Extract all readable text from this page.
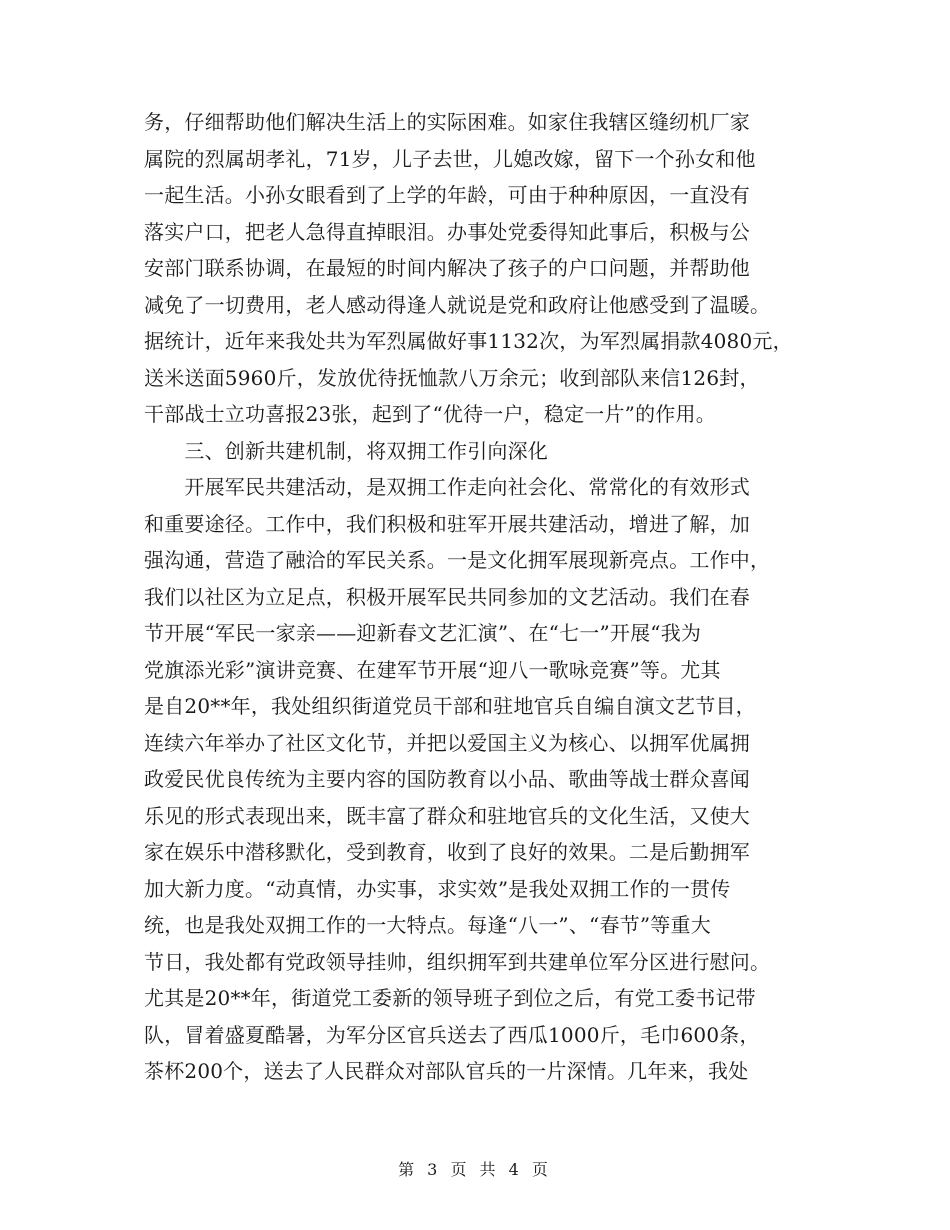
务，仔细帮助他们解决生活上的实际困难。如家住我辖区缝纫机厂家
属院的烈属胡孝礼，71岁，儿子去世，儿媳改嫁，留下一个孙女和他
一起生活。小孙女眼看到了上学的年龄，可由于种种原因，一直没有
落实户口，把老人急得直掉眼泪。办事处党委得知此事后，积极与公
安部门联系协调，在最短的时间内解决了孩子的户口问题，并帮助他
减免了一切费用，老人感动得逢人就说是党和政府让他感受到了温暖。
据统计，近年来我处共为军烈属做好事1132次，为军烈属捐款4080元，
送米送面5960斤，发放优待抚恤款八万余元；收到部队来信126封，
干部战士立功喜报23张，起到了“优待一户，稳定一片”的作用。
　　三、创新共建机制，将双拥工作引向深化
　　开展军民共建活动，是双拥工作走向社会化、常常化的有效形式
和重要途径。工作中，我们积极和驻军开展共建活动，增进了解，加
强沟通，营造了融洽的军民关系。一是文化拥军展现新亮点。工作中，
我们以社区为立足点，积极开展军民共同参加的文艺活动。我们在春
节开展“军民一家亲——迎新春文艺汇演”、在“七一”开展“我为
党旗添光彩”演讲竞赛、在建军节开展“迎八一歌咏竞赛”等。尤其
是自20**年，我处组织街道党员干部和驻地官兵自编自演文艺节目，
连续六年举办了社区文化节，并把以爱国主义为核心、以拥军优属拥
政爱民优良传统为主要内容的国防教育以小品、歌曲等战士群众喜闻
乐见的形式表现出来，既丰富了群众和驻地官兵的文化生活，又使大
家在娱乐中潜移默化，受到教育，收到了良好的效果。二是后勤拥军
加大新力度。“动真情，办实事，求实效”是我处双拥工作的一贯传
统，也是我处双拥工作的一大特点。每逢“八一”、“春节”等重大
节日，我处都有党政领导挂帅，组织拥军到共建单位军分区进行慰问。
尤其是20**年，街道党工委新的领导班子到位之后，有党工委书记带
队，冒着盛夏酷暑，为军分区官兵送去了西瓜1000斤，毛巾600条，
茶杯200个，送去了人民群众对部队官兵的一片深情。几年来，我处
第 3 页 共 4 页
